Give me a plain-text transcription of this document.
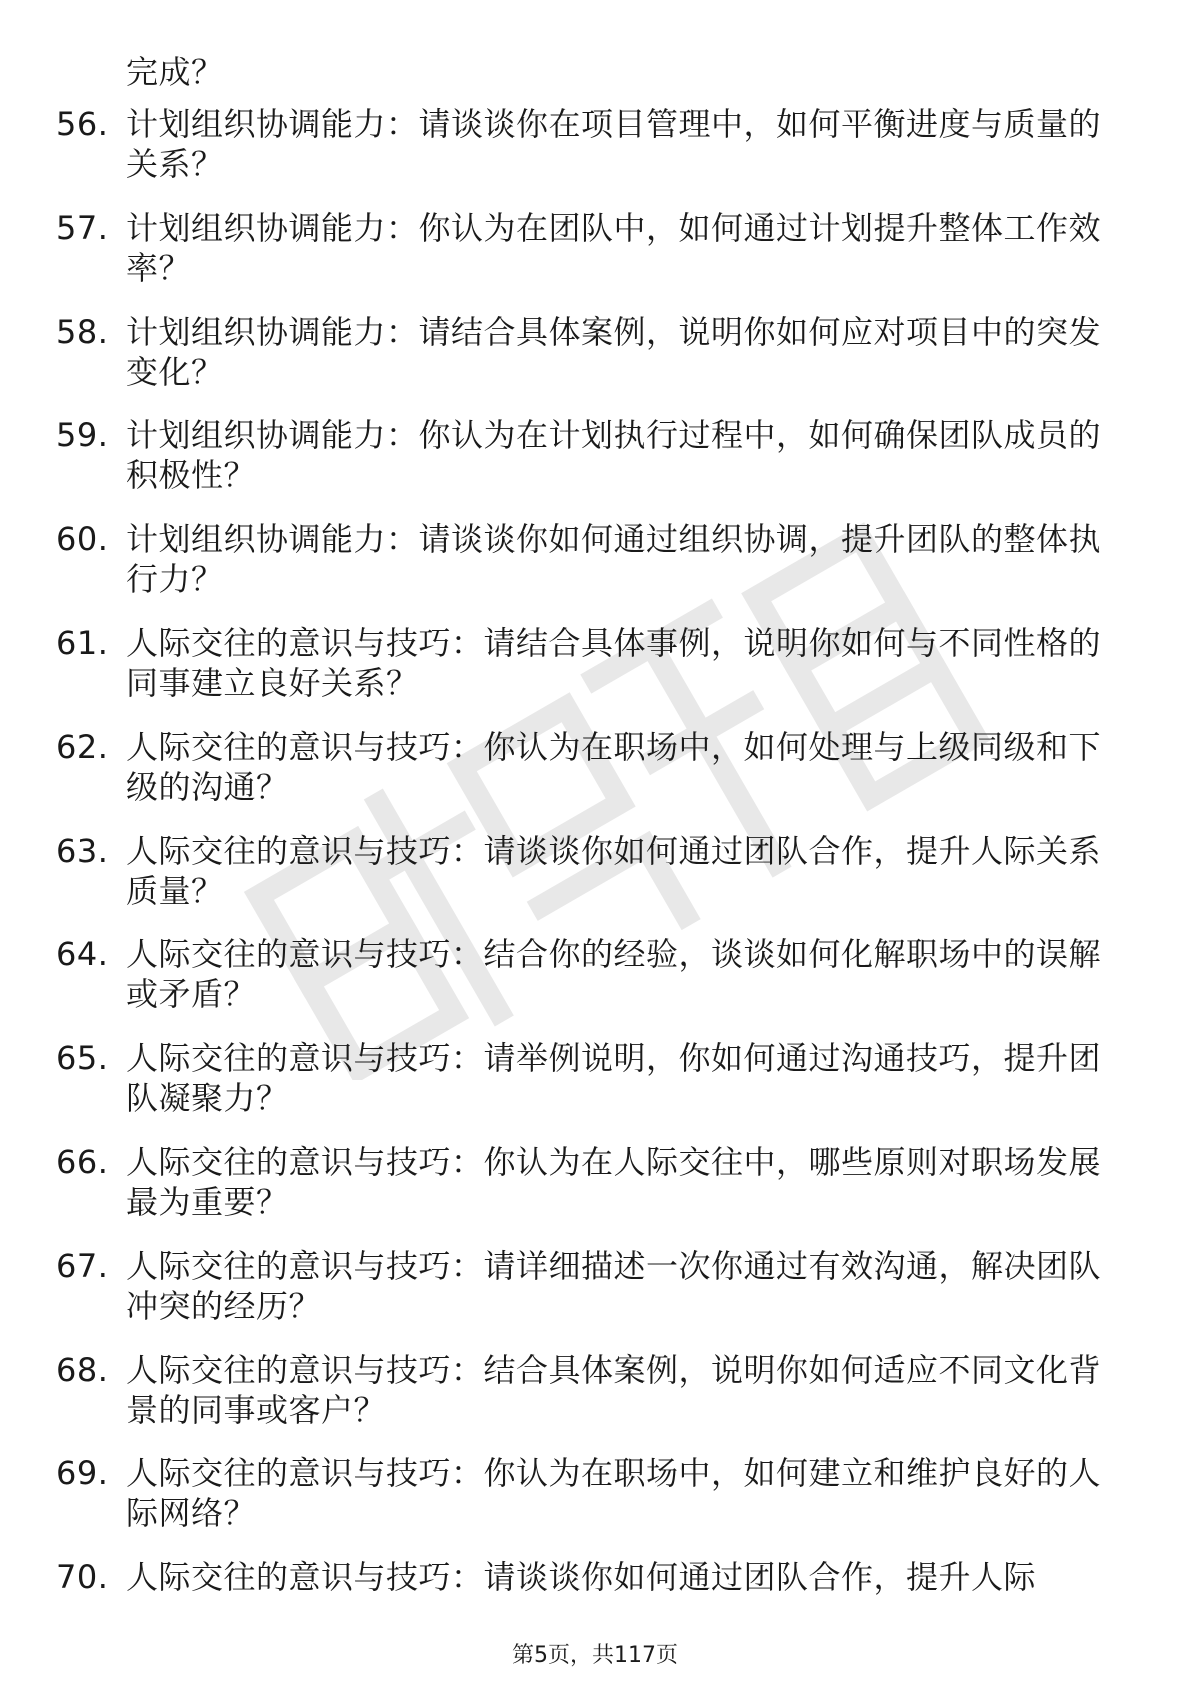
完成？
56. 计划组织协调能力：请谈谈你在项目管理中，如何平衡进度与质量的关系？
57. 计划组织协调能力：你认为在团队中，如何通过计划提升整体工作效率？
58. 计划组织协调能力：请结合具体案例，说明你如何应对项目中的突发变化？
59. 计划组织协调能力：你认为在计划执行过程中，如何确保团队成员的积极性？
60. 计划组织协调能力：请谈谈你如何通过组织协调，提升团队的整体执行力？
61. 人际交往的意识与技巧：请结合具体事例，说明你如何与不同性格的同事建立良好关系？
62. 人际交往的意识与技巧：你认为在职场中，如何处理与上级同级和下级的沟通？
63. 人际交往的意识与技巧：请谈谈你如何通过团队合作，提升人际关系质量？
64. 人际交往的意识与技巧：结合你的经验，谈谈如何化解职场中的误解或矛盾？
65. 人际交往的意识与技巧：请举例说明，你如何通过沟通技巧，提升团队凝聚力？
66. 人际交往的意识与技巧：你认为在人际交往中，哪些原则对职场发展最为重要？
67. 人际交往的意识与技巧：请详细描述一次你通过有效沟通，解决团队冲突的经历？
68. 人际交往的意识与技巧：结合具体案例，说明你如何适应不同文化背景的同事或客户？
69. 人际交往的意识与技巧：你认为在职场中，如何建立和维护良好的人际网络？
70. 人际交往的意识与技巧：请谈谈你如何通过团队合作，提升人际
第5页，共117页
